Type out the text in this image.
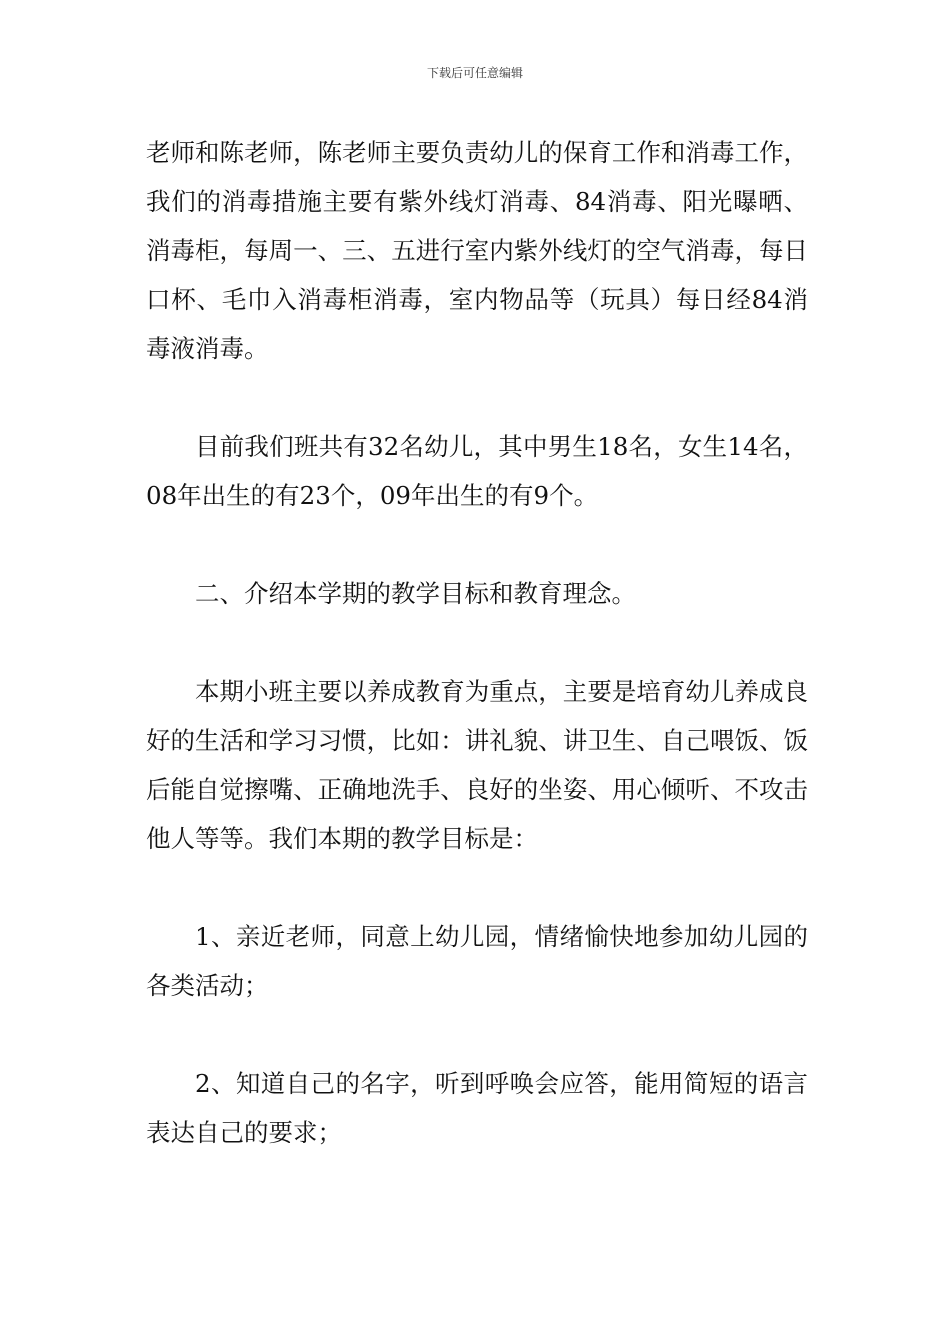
下载后可任意编辑

老师和陈老师，陈老师主要负责幼儿的保育工作和消毒工作，我们的消毒措施主要有紫外线灯消毒、84消毒、阳光曝晒、消毒柜，每周一、三、五进行室内紫外线灯的空气消毒，每日口杯、毛巾入消毒柜消毒，室内物品等（玩具）每日经84消毒液消毒。

目前我们班共有32名幼儿，其中男生18名，女生14名，08年出生的有23个，09年出生的有9个。

二、介绍本学期的教学目标和教育理念。

本期小班主要以养成教育为重点，主要是培育幼儿养成良好的生活和学习习惯，比如：讲礼貌、讲卫生、自己喂饭、饭后能自觉擦嘴、正确地洗手、良好的坐姿、用心倾听、不攻击他人等等。我们本期的教学目标是：

1、亲近老师，同意上幼儿园，情绪愉快地参加幼儿园的各类活动；

2、知道自己的名字，听到呼唤会应答，能用简短的语言表达自己的要求；
